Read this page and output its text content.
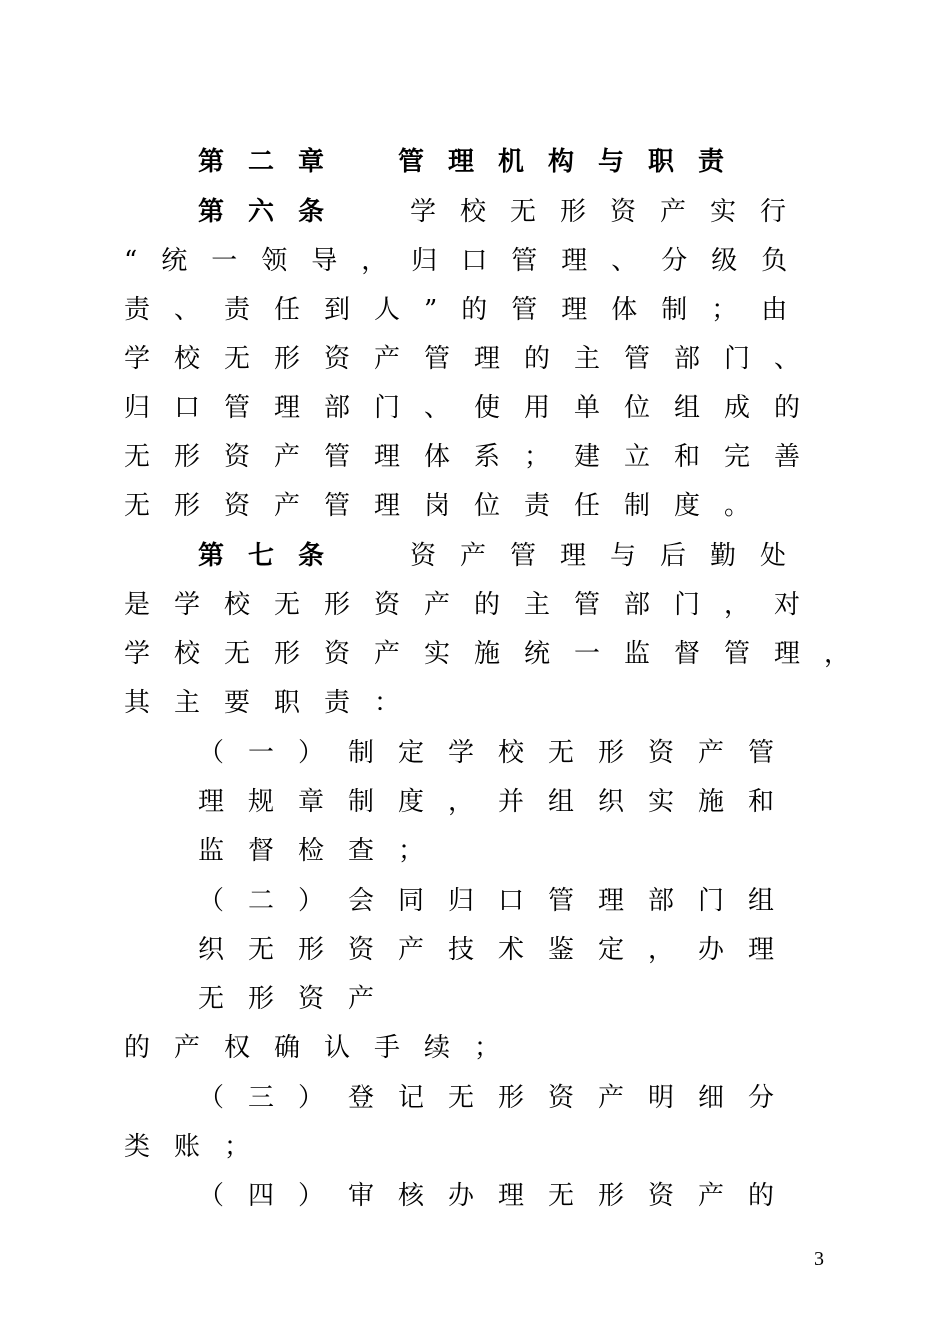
第二章　管理机构与职责
第六条 学校无形资产实行
“统一领导，归口管理、分级负
责、责任到人”的管理体制；由
学校无形资产管理的主管部门、
归口管理部门、使用单位组成的
无形资产管理体系；建立和完善
无形资产管理岗位责任制度。
第七条 资产管理与后勤处
是学校无形资产的主管部门，对
学校无形资产实施统一监督管理，
其主要职责：
（一）制定学校无形资产管
理规章制度，并组织实施和
监督检查；
（二）会同归口管理部门组
织无形资产技术鉴定，办理
无形资产
的产权确认手续；
（三）登记无形资产明细分
类账；
（四）审核办理无形资产的
3
